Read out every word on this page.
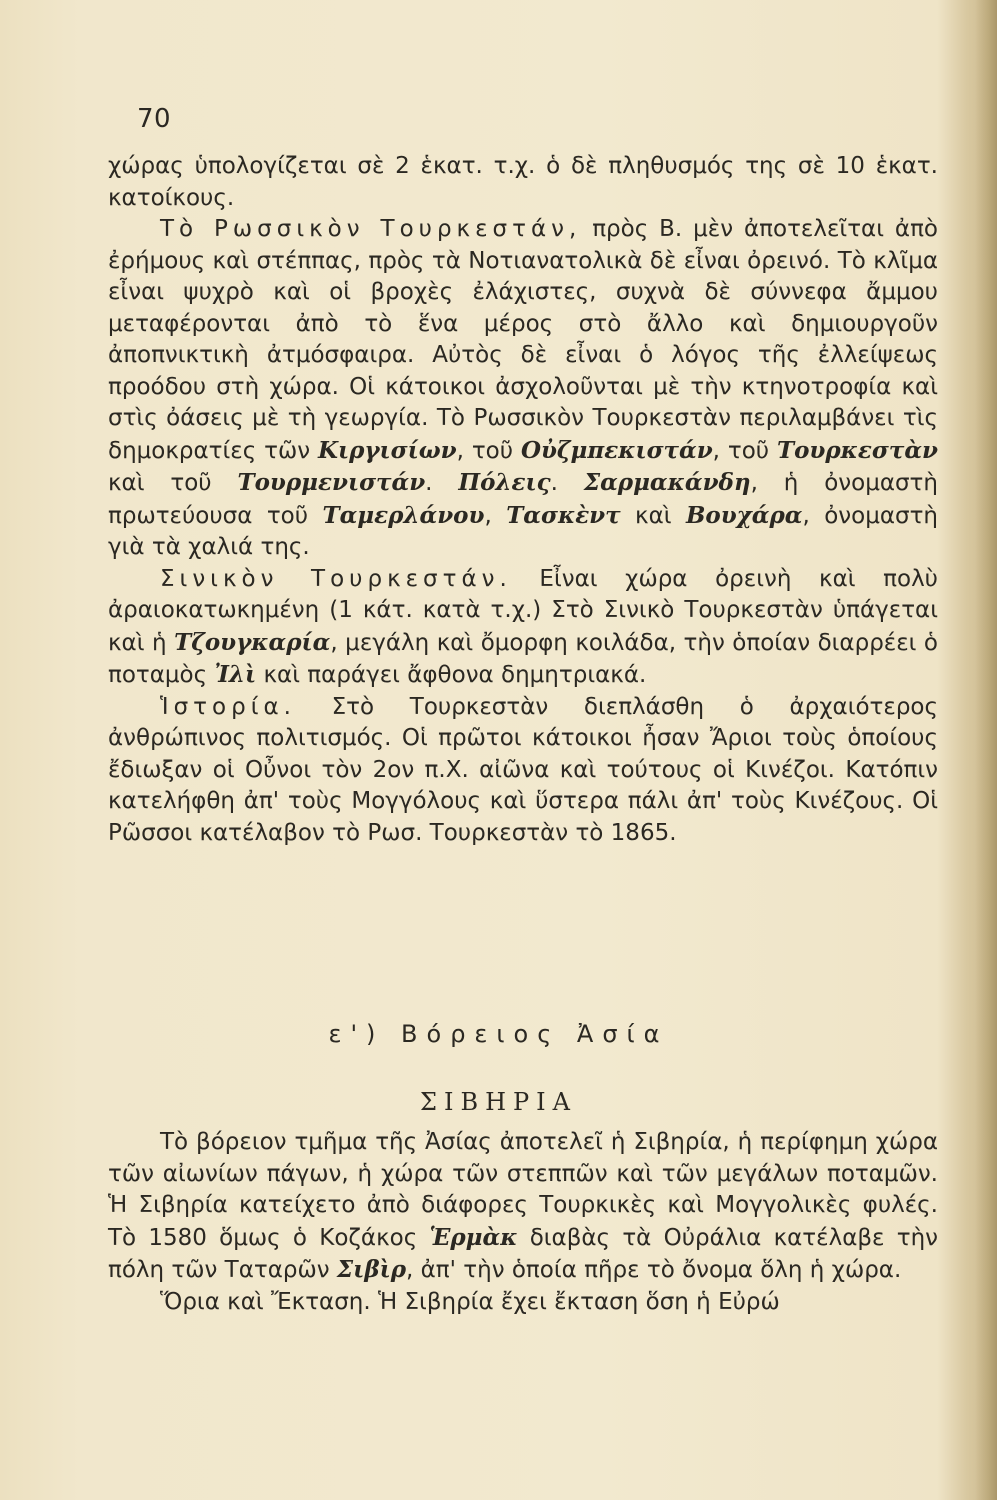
70

χώρας ὑπολογίζεται σὲ 2 ἑκατ. τ.χ. ὁ δὲ πληθυσμός της σὲ 10 ἑκατ. κατοίκους.

Τὸ Ρωσσικὸν Τουρκεστάν, πρὸς Β. μὲν ἀποτελεῖται ἀπὸ ἐρήμους καὶ στέππας, πρὸς τὰ Νοτιανατολικὰ δὲ εἶναι ὀρεινό. Τὸ κλῖμα εἶναι ψυχρὸ καὶ οἱ βροχὲς ἐλάχιστες, συχνὰ δὲ σύννεφα ἄμμου μεταφέρονται ἀπὸ τὸ ἕνα μέρος στὸ ἄλλο καὶ δημιουργοῦν ἀποπνικτικὴ ἀτμόσφαιρα. Αὐτὸς δὲ εἶναι ὁ λόγος τῆς ἐλλείψεως προόδου στὴ χώρα. Οἱ κάτοικοι ἀσχολοῦνται μὲ τὴν κτηνοτροφία καὶ στὶς ὀάσεις μὲ τὴ γεωργία. Τὸ Ρωσσικὸν Τουρκεστὰν περιλαμβάνει τὶς δημοκρατίες τῶν Κιργισίων, τοῦ Οὐζμπεκιστάν, τοῦ Τουρκεστὰν καὶ τοῦ Τουρμενιστάν. Πόλεις. Σαρμακάνδη, ἡ ὀνομαστὴ πρωτεύουσα τοῦ Ταμερλάνου, Τασκὲντ καὶ Βουχάρα, ὀνομαστὴ γιὰ τὰ χαλιά της.

Σινικὸν Τουρκεστάν. Εἶναι χώρα ὀρεινὴ καὶ πολὺ ἀραιοκατωκημένη (1 κάτ. κατὰ τ.χ.) Στὸ Σινικὸ Τουρκεστὰν ὑπάγεται καὶ ἡ Τζουγκαρία, μεγάλη καὶ ὄμορφη κοιλάδα, τὴν ὁποίαν διαρρέει ὁ ποταμὸς Ἰλὶ καὶ παράγει ἄφθονα δημητριακά.

Ἱστορία. Στὸ Τουρκεστὰν διεπλάσθη ὁ ἀρχαιότερος ἀνθρώπινος πολιτισμός. Οἱ πρῶτοι κάτοικοι ἦσαν Ἄριοι τοὺς ὁποίους ἔδιωξαν οἱ Οὖνοι τὸν 2ον π.Χ. αἰῶνα καὶ τούτους οἱ Κινέζοι. Κατόπιν κατελήφθη ἀπ' τοὺς Μογγόλους καὶ ὕστερα πάλι ἀπ' τοὺς Κινέζους. Οἱ Ρῶσσοι κατέλαβον τὸ Ρωσ. Τουρκεστὰν τὸ 1865.

ε') Βόρειος Ἀσία
ΣΙΒΗΡΙΑ

Τὸ βόρειον τμῆμα τῆς Ἀσίας ἀποτελεῖ ἡ Σιβηρία, ἡ περίφημη χώρα τῶν αἰωνίων πάγων, ἡ χώρα τῶν στεππῶν καὶ τῶν μεγάλων ποταμῶν. Ἡ Σιβηρία κατείχετο ἀπὸ διάφορες Τουρκικὲς καὶ Μογγολικὲς φυλές. Τὸ 1580 ὅμως ὁ Κοζάκος Ἑρμὰκ διαβὰς τὰ Οὐράλια κατέλαβε τὴν πόλη τῶν Ταταρῶν Σιβὶρ, ἀπ' τὴν ὁποία πῆρε τὸ ὄνομα ὅλη ἡ χώρα.

Ὅρια καὶ Ἔκταση. Ἡ Σιβηρία ἔχει ἔκταση ὅση ἡ Εὐρώ
